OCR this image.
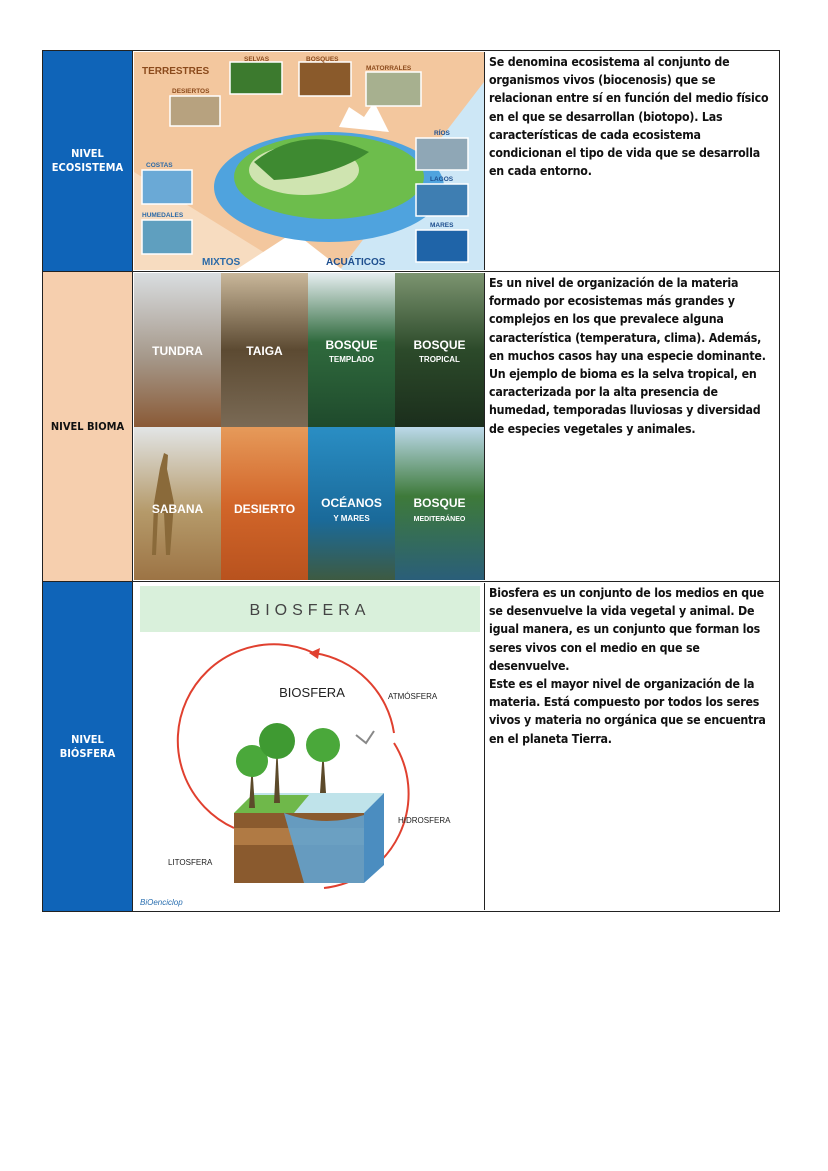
NIVEL
ECOSISTEMA
TERRESTRES
MIXTOS	ACUÁTICOS
SELVAS	BOSQUES
MATORRALES
DESIERTOS
COSTAS
HUMEDALES
RÍOS
LAGOS
MARES

Se denomina ecosistema al conjunto de organismos vivos (biocenosis) que se relacionan entre sí en función del medio físico en el que se desarrollan (biotopo). Las características de cada ecosistema condicionan el tipo de vida que se desarrolla en cada entorno.

NIVEL BIOMA
TUNDRA	TAIGA	BOSQUE
TEMPLADO
BOSQUE
TROPICAL
SABANA	DESIERTO OCÉANOS
Y MARES
BOSQUE
MEDITERÁNEO

Es un nivel de organización de la materia formado por ecosistemas más grandes y complejos en los que prevalece alguna característica (temperatura, clima). Además, en muchos casos hay una especie dominante.

Un ejemplo de bioma es la selva tropical, en caracterizada por la alta presencia de humedad, temporadas lluviosas y diversidad de especies vegetales y animales.

NIVEL
BIÓSFERA
BIOSFERA
BIOSFERA	ATMÓSFERA
HIDROSFERA
LITOSFERA
BiOenciclop

Biosfera es un conjunto de los medios en que se desenvuelve la vida vegetal y animal. De igual manera, es un conjunto que forman los seres vivos con el medio en que se desenvuelve.

Este es el mayor nivel de organización de la materia. Está compuesto por todos los seres vivos y materia no orgánica que se encuentra en el planeta Tierra.
